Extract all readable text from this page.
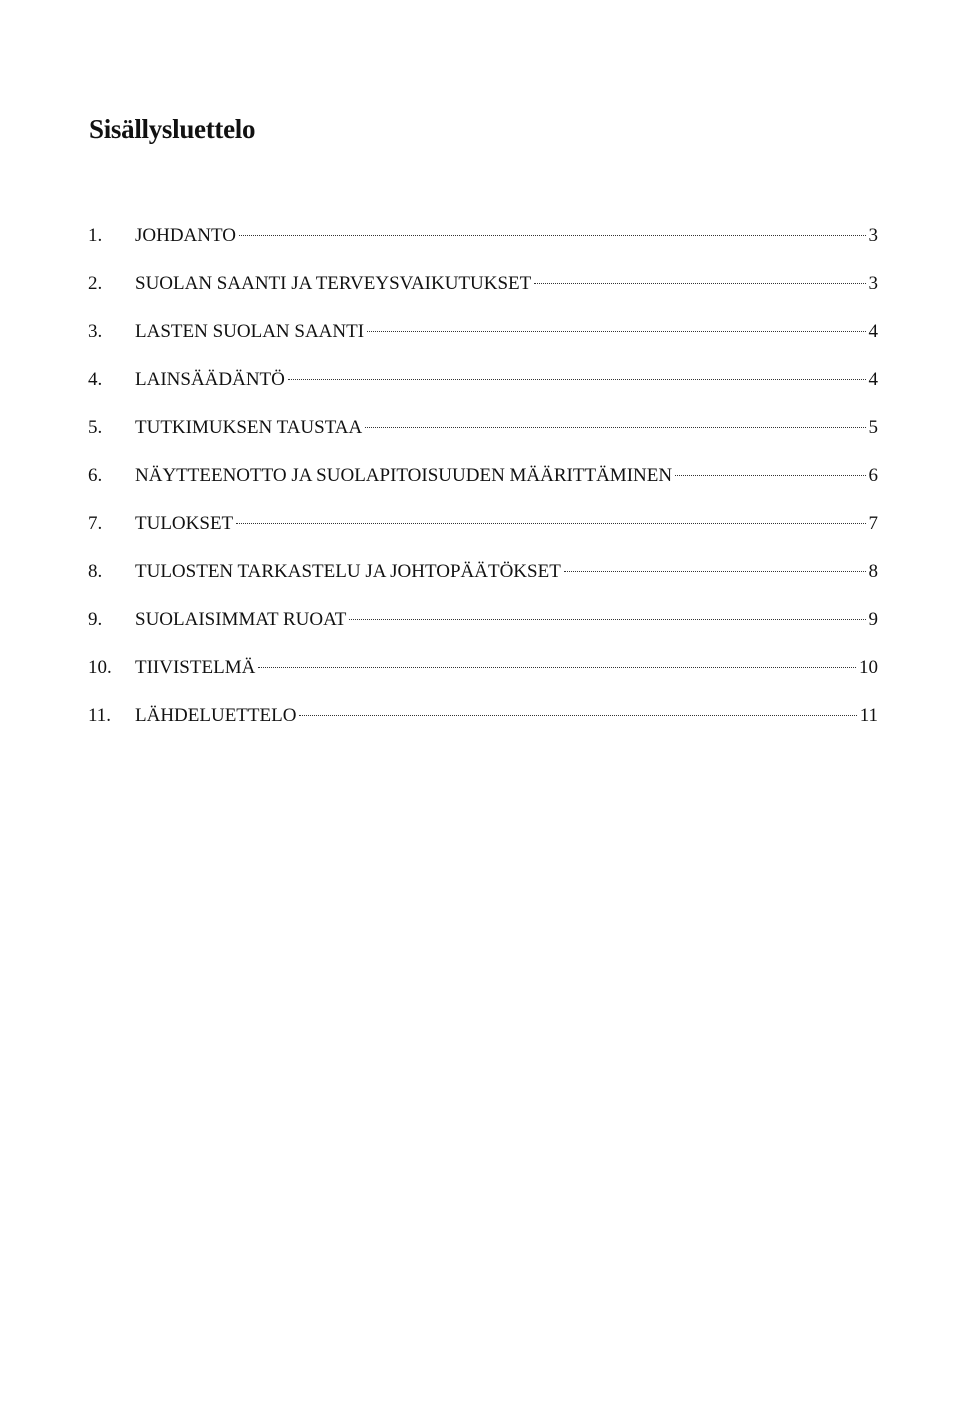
Sisällysluettelo
1.	JOHDANTO	3
2.	SUOLAN SAANTI JA TERVEYSVAIKUTUKSET	3
3.	LASTEN SUOLAN SAANTI	4
4.	LAINSÄÄDÄNTÖ	4
5.	TUTKIMUKSEN TAUSTAA	5
6.	NÄYTTEENOTTO JA SUOLAPITOISUUDEN MÄÄRITTÄMINEN	6
7.	TULOKSET	7
8.	TULOSTEN TARKASTELU JA JOHTOPÄÄTÖKSET	8
9.	SUOLAISIMMAT RUOAT	9
10.	TIIVISTELMÄ	10
11.	LÄHDELUETTELO	11
